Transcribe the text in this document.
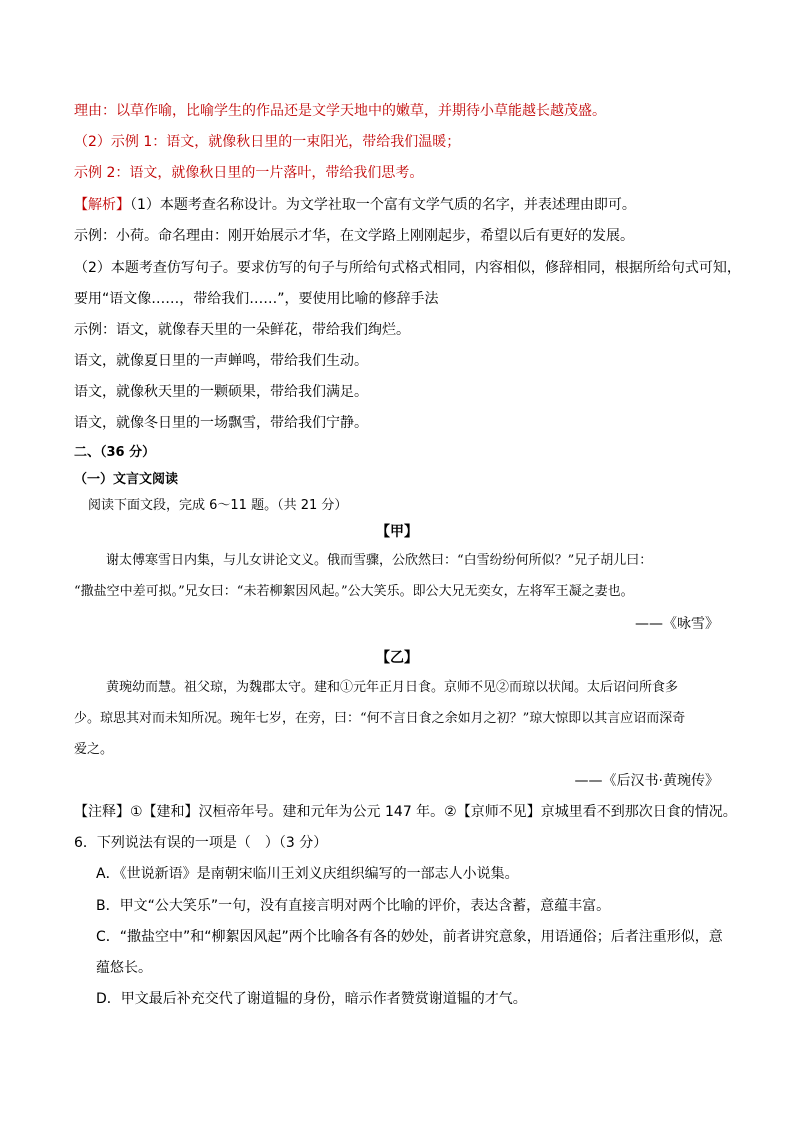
理由：以草作喻，比喻学生的作品还是文学天地中的嫩草，并期待小草能越长越茂盛。
（2）示例 1：语文，就像秋日里的一束阳光，带给我们温暖；
示例 2：语文，就像秋日里的一片落叶，带给我们思考。
【解析】（1）本题考查名称设计。为文学社取一个富有文学气质的名字，并表述理由即可。
示例：小荷。命名理由：刚开始展示才华，在文学路上刚刚起步，希望以后有更好的发展。
（2）本题考查仿写句子。要求仿写的句子与所给句式格式相同，内容相似，修辞相同，根据所给句式可知，
要用“语文像……，带给我们……”，要使用比喻的修辞手法
示例：语文，就像春天里的一朵鲜花，带给我们绚烂。
语文，就像夏日里的一声蝉鸣，带给我们生动。
语文，就像秋天里的一颗硕果，带给我们满足。
语文，就像冬日里的一场飘雪，带给我们宁静。
二、（36 分）
（一）文言文阅读
阅读下面文段，完成 6～11 题。（共 21 分）
【甲】
谢太傅寒雪日内集，与儿女讲论文义。俄而雪骤，公欣然曰：“白雪纷纷何所似？”兄子胡儿曰：
“撒盐空中差可拟。”兄女曰：“未若柳絮因风起。”公大笑乐。即公大兄无奕女，左将军王凝之妻也。
——《咏雪》
【乙】
黄琬幼而慧。祖父琼，为魏郡太守。建和①元年正月日食。京师不见②而琼以状闻。太后诏问所食多
少。琼思其对而未知所况。琬年七岁，在旁，曰：“何不言日食之余如月之初？”琼大惊即以其言应诏而深奇
爱之。
——《后汉书·黄琬传》
【注释】①【建和】汉桓帝年号。建和元年为公元 147 年。②【京师不见】京城里看不到那次日食的情况。
6．下列说法有误的一项是（　）（3 分）
A．《世说新语》是南朝宋临川王刘义庆组织编写的一部志人小说集。
B．甲文“公大笑乐”一句，没有直接言明对两个比喻的评价，表达含蓄，意蕴丰富。
C．“撒盐空中”和“柳絮因风起”两个比喻各有各的妙处，前者讲究意象，用语通俗；后者注重形似，意
蕴悠长。
D．甲文最后补充交代了谢道韫的身份，暗示作者赞赏谢道韫的才气。
